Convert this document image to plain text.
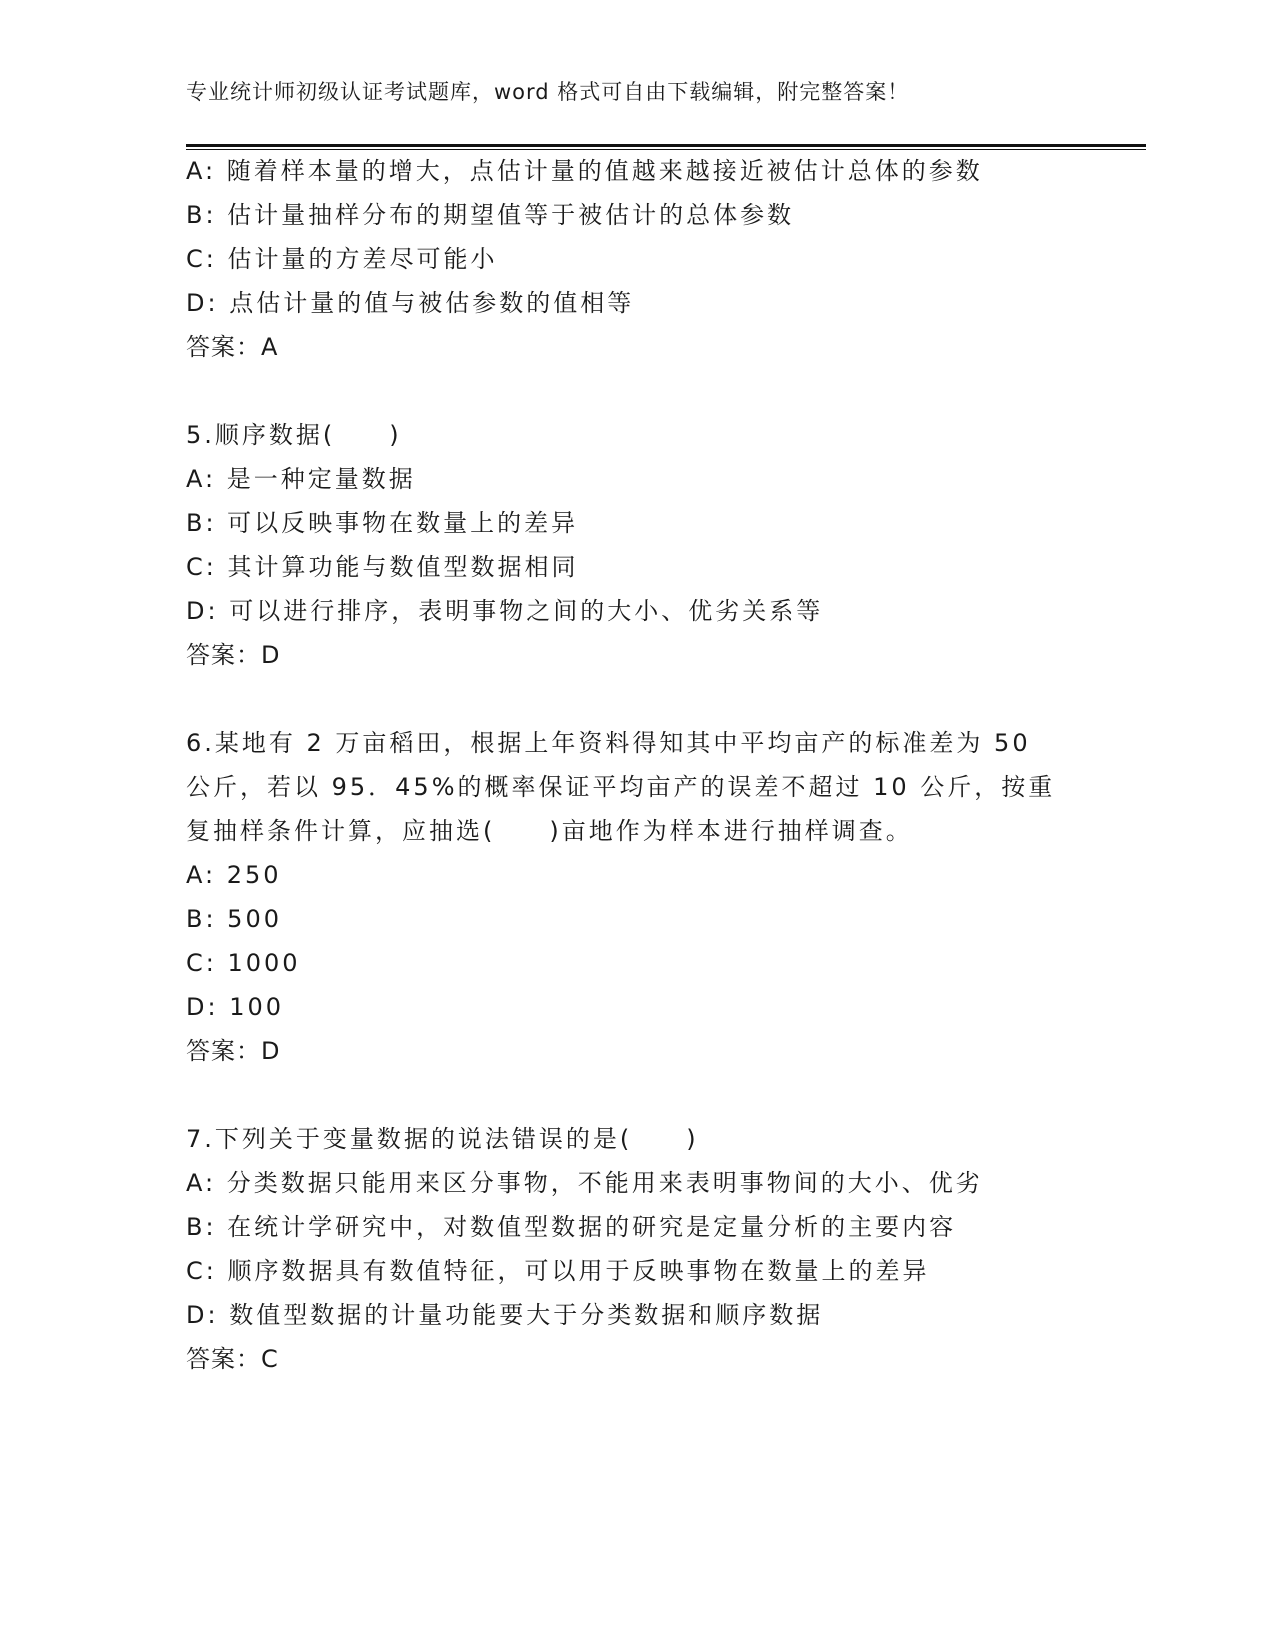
专业统计师初级认证考试题库，word 格式可自由下载编辑，附完整答案！
A: 随着样本量的增大，点估计量的值越来越接近被估计总体的参数
B: 估计量抽样分布的期望值等于被估计的总体参数
C: 估计量的方差尽可能小
D: 点估计量的值与被估参数的值相等
答案：A
5.顺序数据(　　)
A: 是一种定量数据
B: 可以反映事物在数量上的差异
C: 其计算功能与数值型数据相同
D: 可以进行排序，表明事物之间的大小、优劣关系等
答案：D
6.某地有 2 万亩稻田，根据上年资料得知其中平均亩产的标准差为 50
公斤，若以 95．45%的概率保证平均亩产的误差不超过 10 公斤，按重
复抽样条件计算，应抽选(　　)亩地作为样本进行抽样调查。
A: 250
B: 500
C: 1000
D: 100
答案：D
7.下列关于变量数据的说法错误的是(　　)
A: 分类数据只能用来区分事物，不能用来表明事物间的大小、优劣
B: 在统计学研究中，对数值型数据的研究是定量分析的主要内容
C: 顺序数据具有数值特征，可以用于反映事物在数量上的差异
D: 数值型数据的计量功能要大于分类数据和顺序数据
答案：C
